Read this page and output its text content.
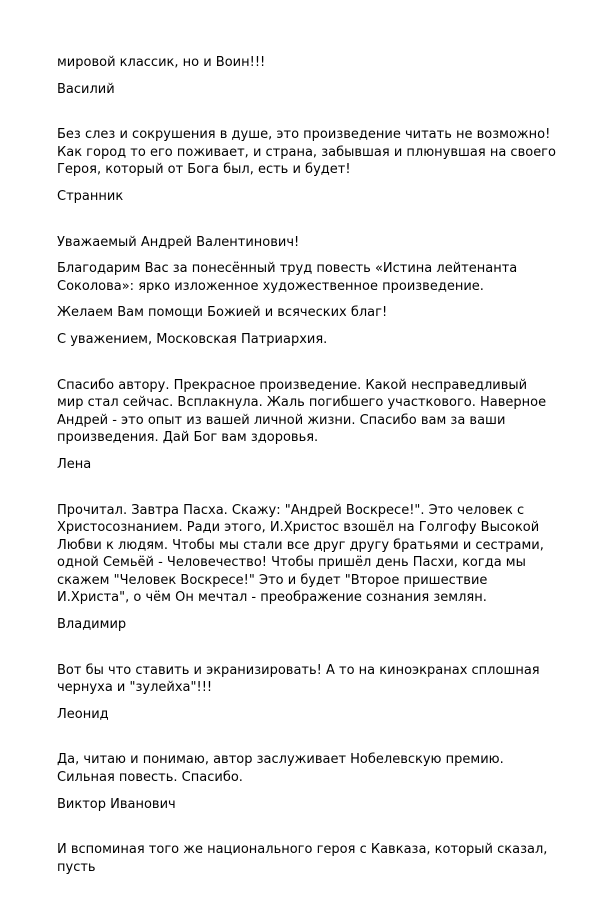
мировой классик, но и Воин!!!

Василий

Без слез и сокрушения в душе, это произведение читать не возможно! Как город то его поживает, и страна, забывшая и плюнувшая на своего Героя, который от Бога был, есть и будет!

Странник

Уважаемый Андрей Валентинович!

Благодарим Вас за понесённый труд повесть «Истина лейтенанта Соколова»: ярко изложенное художественное произведение.

Желаем Вам помощи Божией и всяческих благ!

С уважением, Московская Патриархия.

Спасибо автору. Прекрасное произведение. Какой несправедливый мир стал сейчас. Всплакнула. Жаль погибшего участкового. Наверное Андрей - это опыт из вашей личной жизни. Спасибо вам за ваши произведения. Дай Бог вам здоровья.

Лена

Прочитал. Завтра Пасха. Скажу: "Андрей Воскресе!". Это человек с Христосознанием. Ради этого, И.Христос взошёл на Голгофу Высокой Любви к людям. Чтобы мы стали все друг другу братьями и сестрами, одной Семьёй - Человечество! Чтобы пришёл день Пасхи, когда мы скажем "Человек Воскресе!" Это и будет "Второе пришествие И.Христа", о чём Он мечтал - преображение сознания землян.

Владимир

Вот бы что ставить и экранизировать! А то на киноэкранах сплошная чернуха и "зулейха"!!!

Леонид

Да, читаю и понимаю, автор заслуживает Нобелевскую премию. Сильная повесть. Спасибо.

Виктор Иванович

И вспоминая того же национального героя с Кавказа, который сказал, пусть
